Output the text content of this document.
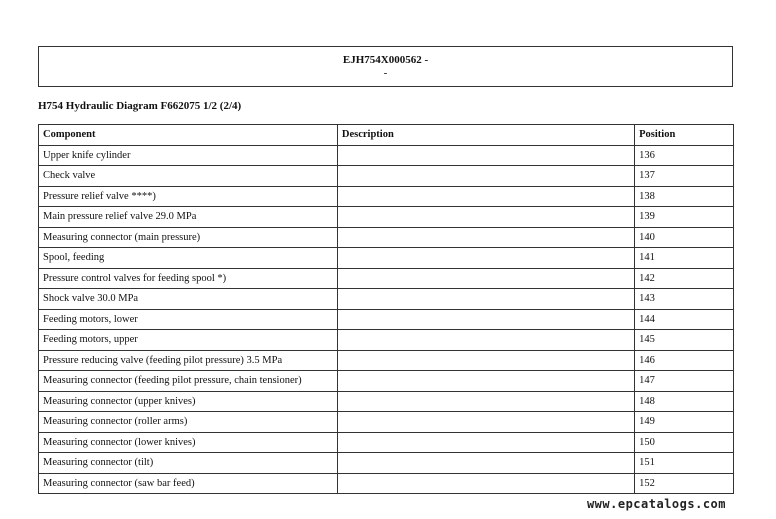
EJH754X000562 -
-
H754 Hydraulic Diagram F662075 1/2 (2/4)
Component	Description	Position
Upper knife cylinder		136
Check valve		137
Pressure relief valve ****)		138
Main pressure relief valve 29.0 MPa		139
Measuring connector (main pressure)		140
Spool, feeding		141
Pressure control valves for feeding spool *)		142
Shock valve 30.0 MPa		143
Feeding motors, lower		144
Feeding motors, upper		145
Pressure reducing valve (feeding pilot pressure) 3.5 MPa		146
Measuring connector (feeding pilot pressure, chain tensioner)		147
Measuring connector (upper knives)		148
Measuring connector (roller arms)		149
Measuring connector (lower knives)		150
Measuring connector (tilt)		151
Measuring connector (saw bar feed)		152
www.epcatalogs.com
